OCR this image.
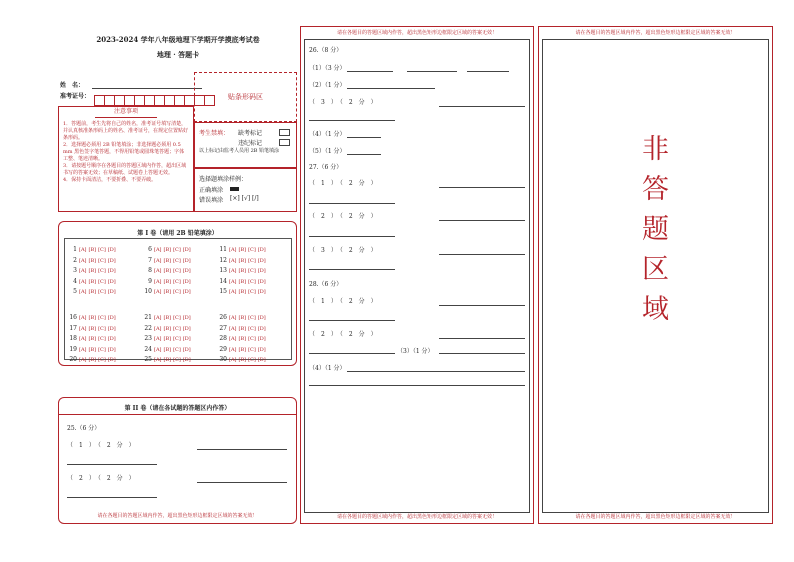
2023-2024 学年八年级地理下学期开学摸底考试卷
地理 · 答题卡
姓　名：
准考证号：	贴条形码区
注意事项
1．答题前，考生先将自己的姓名，准考证号填写清楚，并认真核准条形码上的姓名、准考证号，在规定位置贴好条形码。
2．选择题必须用 2B 铅笔填涂；非选择题必须用 0.5 mm 黑色签字笔答题，不得用铅笔或圆珠笔答题；字体工整、笔迹清晰。
3．请按题号顺序在各题目的答题区域内作答，超出区域书写的答案无效；在草稿纸、试题卷上答题无效。
4．保持卡面清洁，不要折叠、不要弄破。
考生禁填： 缺考标记
违纪标记
以上标记由监考人员用 2B 铅笔填涂
选择题填涂样例：
正确填涂
错误填涂 [×] [√] [/]
第 I 卷（请用 2B 铅笔填涂）
1 [A] [B] [C] [D]
2 [A] [B] [C] [D]
3 [A] [B] [C] [D]
4 [A] [B] [C] [D]
5 [A] [B] [C] [D]
6 [A] [B] [C] [D]
7 [A] [B] [C] [D]
8 [A] [B] [C] [D]
9 [A] [B] [C] [D]
10 [A] [B] [C] [D]
11 [A] [B] [C] [D]
12 [A] [B] [C] [D]
13 [A] [B] [C] [D]
14 [A] [B] [C] [D]
15 [A] [B] [C] [D]
16 [A] [B] [C] [D]
17 [A] [B] [C] [D]
18 [A] [B] [C] [D]
19 [A] [B] [C] [D]
20 [A] [B] [C] [D]
21 [A] [B] [C] [D]
22 [A] [B] [C] [D]
23 [A] [B] [C] [D]
24 [A] [B] [C] [D]
25 [A] [B] [C] [D]
26 [A] [B] [C] [D]
27 [A] [B] [C] [D]
28 [A] [B] [C] [D]
29 [A] [B] [C] [D]
30 [A] [B] [C] [D]
第 II 卷（请在各试题的答题区内作答）
25.（6 分）
（　1　）　（　2　分　）
（　2　）　（　2　分　）
请在各题目的答题区域内作答，超出黑色矩形边框限定区域的答案无效！
请在各题目的答题区域内作答，超出黑色矩形边框限定区域的答案无效！
26.（8 分）
（1）（3 分）
（2）（1 分）
（　3　）　（　2　分　）
（4）（1 分）
（5）（1 分）
27.（6 分）
（　1　）　（　2　分　）
（　2　）　（　2　分　）
（　3　）　（　2　分　）
28.（6 分）
（　1　）　（　2　分　）
（　2　）　（　2　分　）
（3）（1 分）
（4）（1 分）
请在各题目的答题区域内作答，超出黑色矩形边框限定区域的答案无效！
请在各题目的答题区域内作答，超出黑色矩形边框限定区域的答案无效！
非
答
题
区
域
请在各题目的答题区域内作答，超出黑色矩形边框限定区域的答案无效！
